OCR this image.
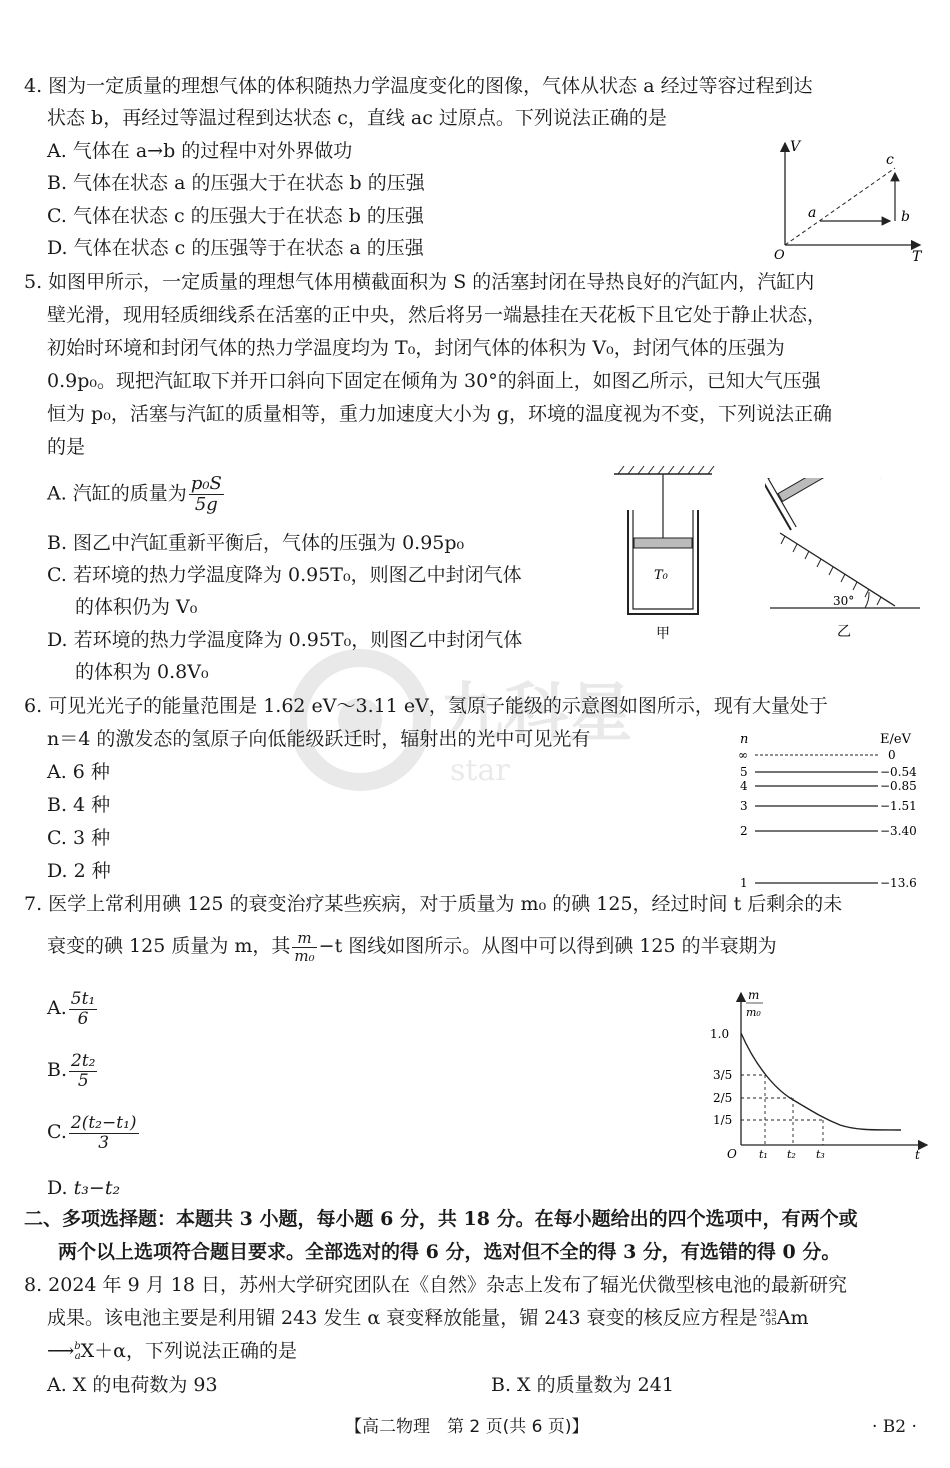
九科星
star
4. 图为一定质量的理想气体的体积随热力学温度变化的图像，气体从状态 a 经过等容过程到达
状态 b，再经过等温过程到达状态 c，直线 ac 过原点。下列说法正确的是
A. 气体在 a→b 的过程中对外界做功
B. 气体在状态 a 的压强大于在状态 b 的压强
C. 气体在状态 c 的压强大于在状态 b 的压强
D. 气体在状态 c 的压强等于在状态 a 的压强
V
T
O
a	b
c
5. 如图甲所示，一定质量的理想气体用横截面积为 S 的活塞封闭在导热良好的汽缸内，汽缸内
壁光滑，现用轻质细线系在活塞的正中央，然后将另一端悬挂在天花板下且它处于静止状态，
初始时环境和封闭气体的热力学温度均为 T₀，封闭气体的体积为 V₀，封闭气体的压强为
0.9p₀。现把汽缸取下并开口斜向下固定在倾角为 30°的斜面上，如图乙所示，已知大气压强
恒为 p₀，活塞与汽缸的质量相等，重力加速度大小为 g，环境的温度视为不变，下列说法正确
的是
A. 汽缸的质量为 $\frac{\text{p₀S}}{5g}$
B. 图乙中汽缸重新平衡后，气体的压强为 0.95p₀
C. 若环境的热力学温度降为 0.95T₀，则图乙中封闭气体
的体积仍为 V₀
D. 若环境的热力学温度降为 0.95T₀，则图乙中封闭气体
的体积为 0.8V₀
T₀
甲
30°
乙
6. 可见光光子的能量范围是 1.62 eV～3.11 eV，氢原子能级的示意图如图所示，现有大量处于
n＝4 的激发态的氢原子向低能级跃迁时，辐射出的光中可见光有
A. 6 种
B. 4 种
C. 3 种
D. 2 种
n	E/eV
∞	0
5	−0.54
4	−0.85
3	−1.51
2	−3.40
1	−13.6
7. 医学上常利用碘 125 的衰变治疗某些疾病，对于质量为 m₀ 的碘 125，经过时间 t 后剩余的未
衰变的碘 125 质量为 m，其 $\frac{m}{\text{m₀}} -t$ 图线如图所示。从图中可以得到碘 125 的半衰期为
A. $\frac{\text{5t₁}}{6}$
B. $\frac{\text{2t₂}}{5}$
C. $\frac{\text{2(t₂−t₁)}}{3}$
D. t₃−t₂
m
m₀
1.0
3/5
2/5
1/5
O t₁ t₂ t₃	t
二、多项选择题：本题共 3 小题，每小题 6 分，共 18 分。在每小题给出的四个选项中，有两个或
两个以上选项符合题目要求。全部选对的得 6 分，选对但不全的得 3 分，有选错的得 0 分。
8. 2024 年 9 月 18 日，苏州大学研究团队在《自然》杂志上发布了辐光伏微型核电池的最新研究
成果。该电池主要是利用镅 243 发生 α 衰变释放能量，镅 243 衰变的核反应方程是 243
95 Am
⟶ b
a X＋α，下列说法正确的是
A. X 的电荷数为 93	B. X 的质量数为 241
【高二物理　第 2 页(共 6 页)】	· B2 ·
